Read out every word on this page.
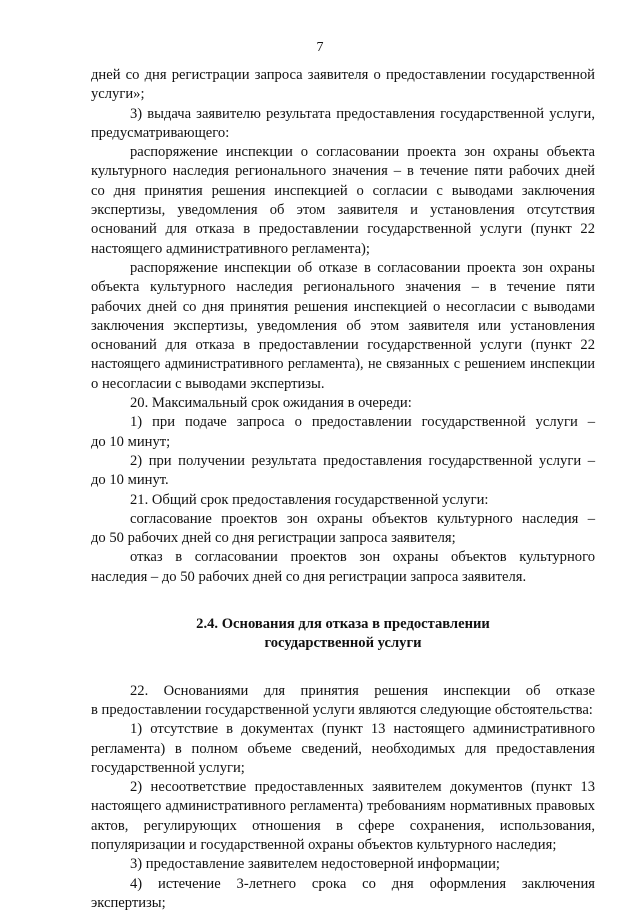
7
дней со дня регистрации запроса заявителя о предоставлении государственной
услуги»;
3) выдача заявителю результата предоставления государственной услуги,
предусматривающего:
распоряжение инспекции о согласовании проекта зон охраны объекта
культурного наследия регионального значения – в течение пяти рабочих дней
со дня принятия решения инспекцией о согласии с выводами заключения
экспертизы, уведомления об этом заявителя и установления отсутствия
оснований для отказа в предоставлении государственной услуги (пункт 22
настоящего административного регламента);
распоряжение инспекции об отказе в согласовании проекта зон охраны
объекта культурного наследия регионального значения – в течение пяти
рабочих дней со дня принятия решения инспекцией о несогласии с выводами
заключения экспертизы, уведомления об этом заявителя или установления
оснований для отказа в предоставлении государственной услуги (пункт 22
настоящего административного регламента), не связанных с решением инспекции
о несогласии с выводами экспертизы.
20. Максимальный срок ожидания в очереди:
1) при подаче запроса о предоставлении государственной услуги –
до 10 минут;
2) при получении результата предоставления государственной услуги –
до 10 минут.
21. Общий срок предоставления государственной услуги:
согласование проектов зон охраны объектов культурного наследия –
до 50 рабочих дней со дня регистрации запроса заявителя;
отказ в согласовании проектов зон охраны объектов культурного
наследия – до 50 рабочих дней со дня регистрации запроса заявителя.
2.4. Основания для отказа в предоставлении
государственной услуги
22. Основаниями для принятия решения инспекции об отказе
в предоставлении государственной услуги являются следующие обстоятельства:
1) отсутствие в документах (пункт 13 настоящего административного
регламента) в полном объеме сведений, необходимых для предоставления
государственной услуги;
2) несоответствие предоставленных заявителем документов (пункт 13
настоящего административного регламента) требованиям нормативных правовых
актов, регулирующих отношения в сфере сохранения, использования,
популяризации и государственной охраны объектов культурного наследия;
3) предоставление заявителем недостоверной информации;
4) истечение 3-летнего срока со дня оформления заключения
экспертизы;
